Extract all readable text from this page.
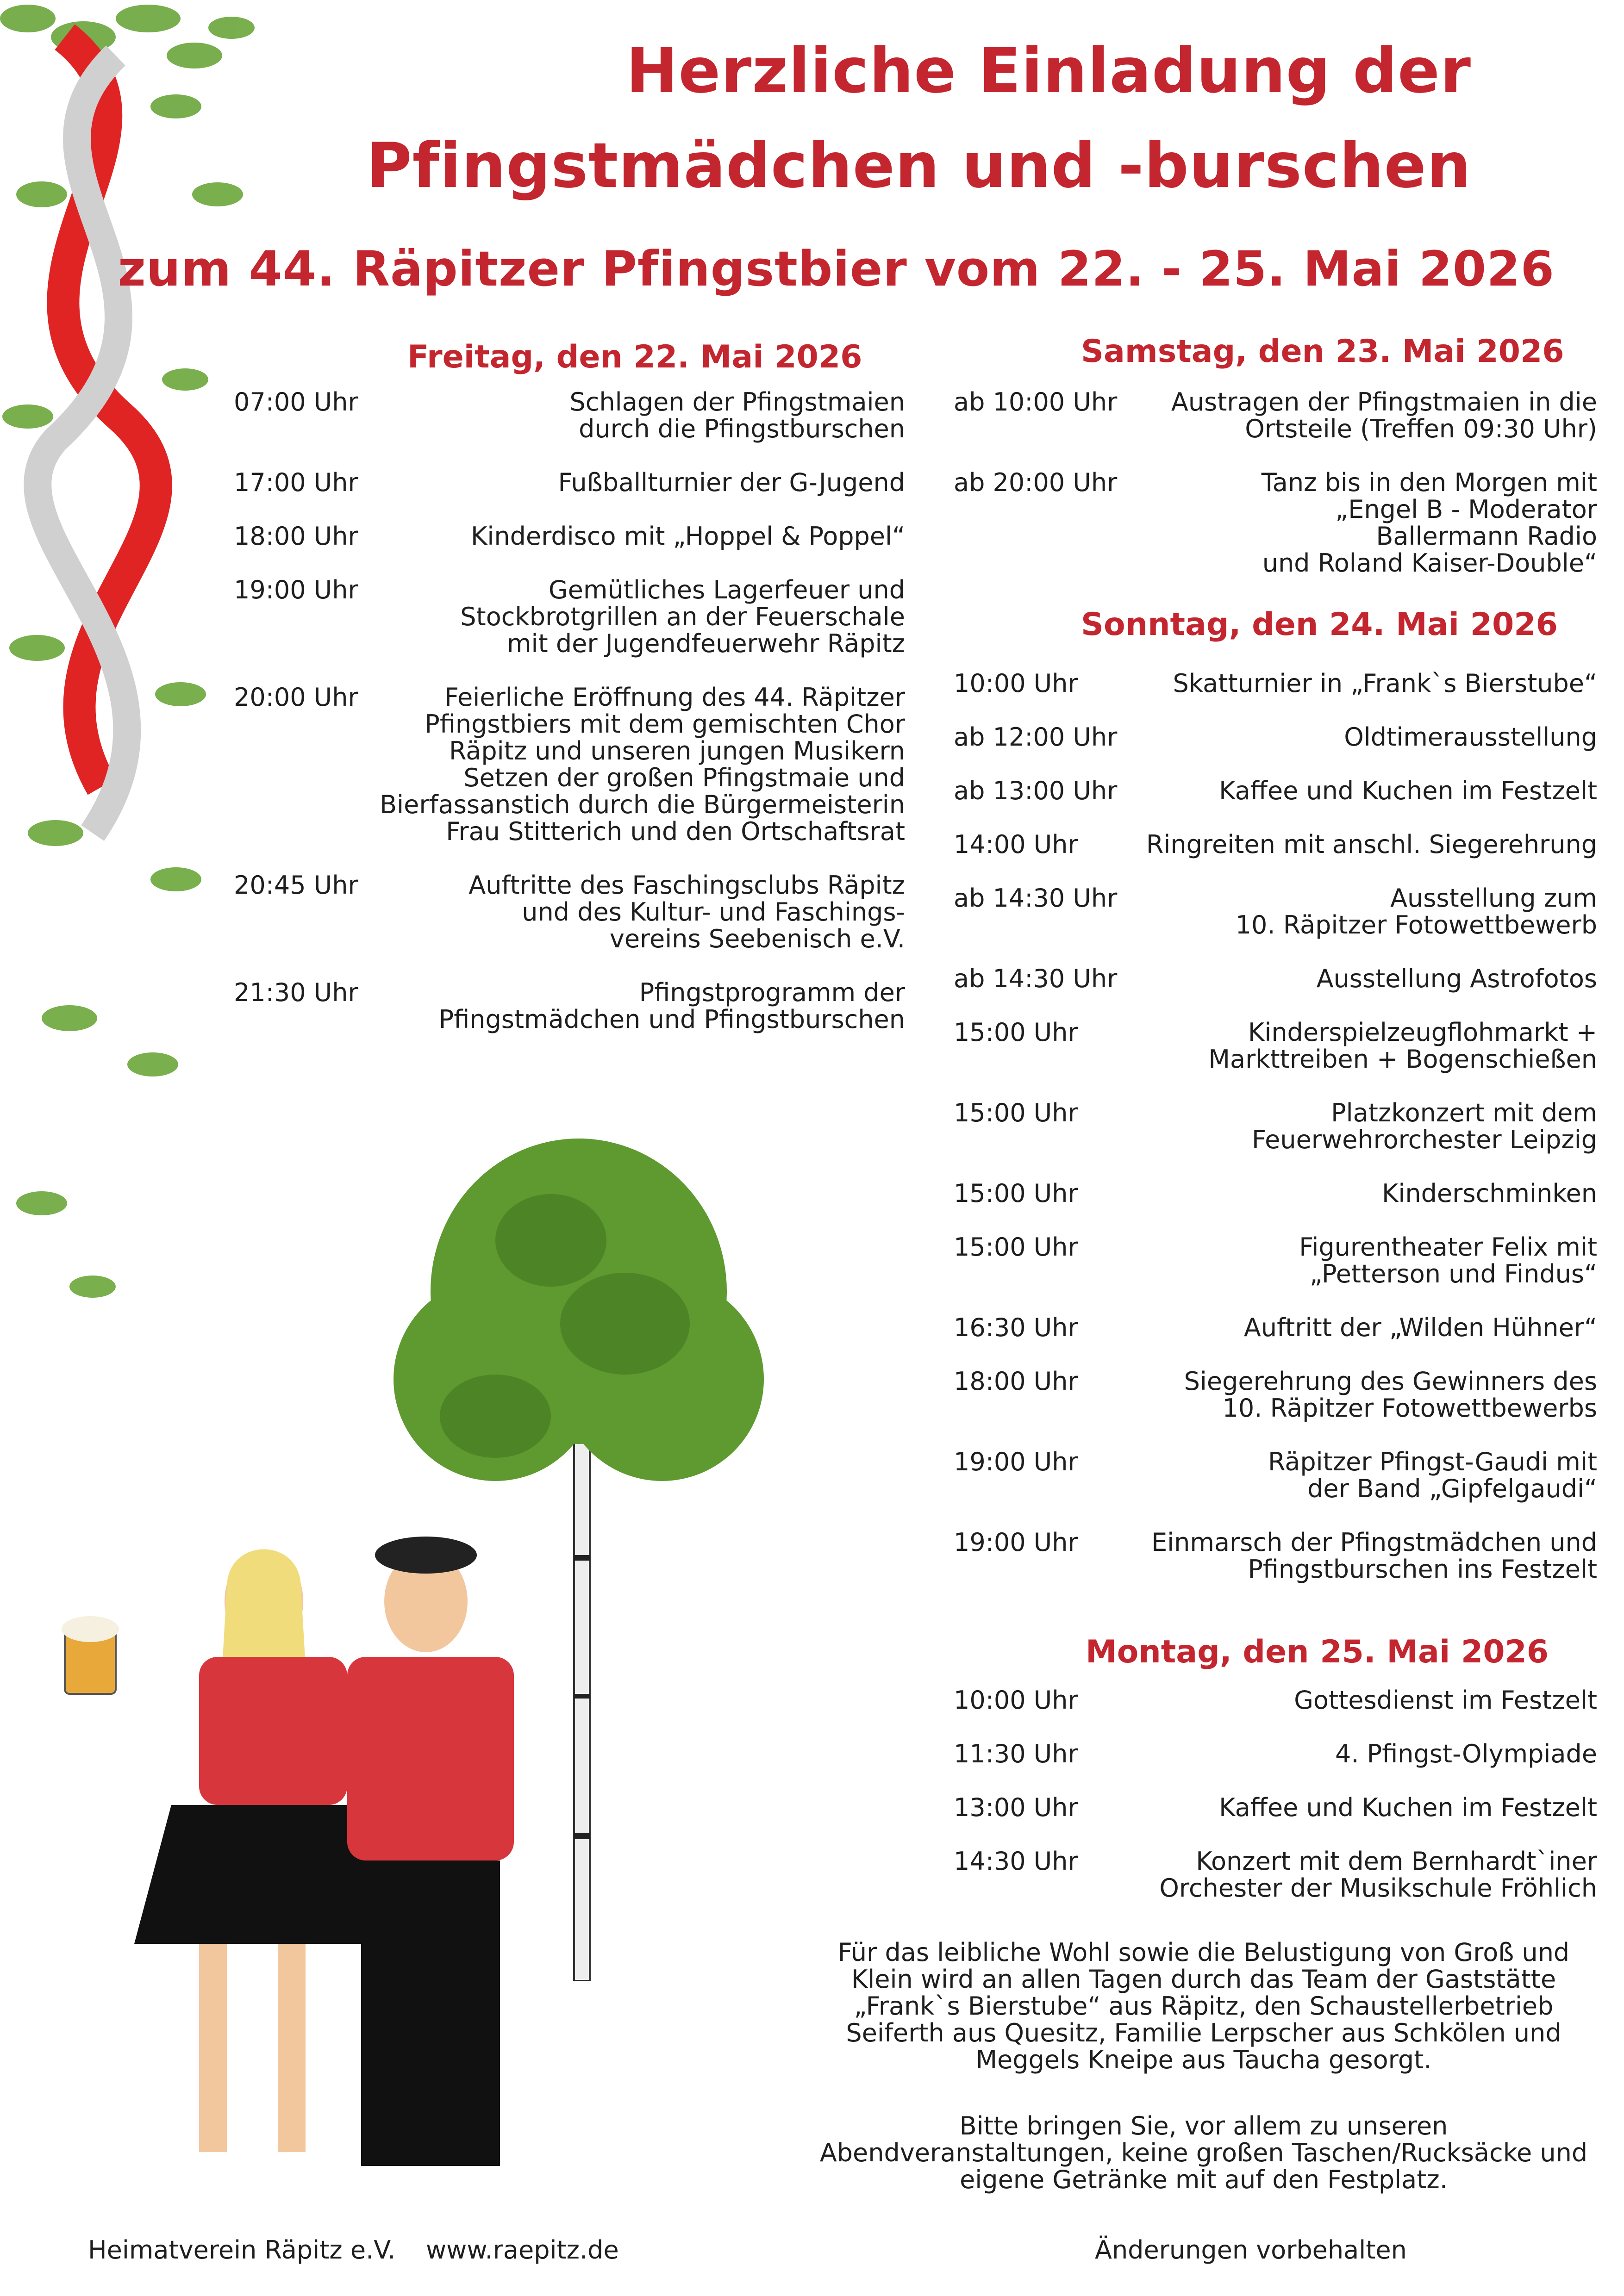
Herzliche Einladung der
Pfingstmädchen und -burschen
zum 44. Räpitzer Pfingstbier vom 22. - 25. Mai 2026
Freitag, den 22. Mai 2026	Samstag, den 23. Mai 2026
Sonntag, den 24. Mai 2026
Montag, den 25. Mai 2026
07:00 Uhr	Schlagen der Pfingstmaien
durch die Pfingstburschen
17:00 Uhr	Fußballturnier der G-Jugend
18:00 Uhr	Kinderdisco mit „Hoppel & Poppel“
19:00 Uhr	Gemütliches Lagerfeuer und
Stockbrotgrillen an der Feuerschale
mit der Jugendfeuerwehr Räpitz
20:00 Uhr	Feierliche Eröffnung des 44. Räpitzer
Pfingstbiers mit dem gemischten Chor
Räpitz und unseren jungen Musikern
Setzen der großen Pfingstmaie und
Bierfassanstich durch die Bürgermeisterin
Frau Stitterich und den Ortschaftsrat
20:45 Uhr	Auftritte des Faschingsclubs Räpitz
und des Kultur- und Faschings-
vereins Seebenisch e.V.
21:30 Uhr	Pfingstprogramm der
Pfingstmädchen und Pfingstburschen
ab 10:00 Uhr Austragen der Pfingstmaien in die
Ortsteile (Treffen 09:30 Uhr)
ab 20:00 Uhr	Tanz bis in den Morgen mit
„Engel B - Moderator
Ballermann Radio
und Roland Kaiser-Double“
10:00 Uhr	Skatturnier in „Frank`s Bierstube“
ab 12:00 Uhr	Oldtimerausstellung
ab 13:00 Uhr	Kaffee und Kuchen im Festzelt
14:00 Uhr	Ringreiten mit anschl. Siegerehrung
ab 14:30 Uhr	Ausstellung zum
10. Räpitzer Fotowettbewerb
ab 14:30 Uhr	Ausstellung Astrofotos
15:00 Uhr	Kinderspielzeugflohmarkt +
Markttreiben + Bogenschießen
15:00 Uhr	Platzkonzert mit dem
Feuerwehrorchester Leipzig
15:00 Uhr	Kinderschminken
15:00 Uhr	Figurentheater Felix mit
„Petterson und Findus“
16:30 Uhr	Auftritt der „Wilden Hühner“
18:00 Uhr	Siegerehrung des Gewinners des
10. Räpitzer Fotowettbewerbs
19:00 Uhr	Räpitzer Pfingst-Gaudi mit
der Band „Gipfelgaudi“
19:00 Uhr	Einmarsch der Pfingstmädchen und
Pfingstburschen ins Festzelt
10:00 Uhr	Gottesdienst im Festzelt
11:30 Uhr	4. Pfingst-Olympiade
13:00 Uhr	Kaffee und Kuchen im Festzelt
14:30 Uhr	Konzert mit dem Bernhardt`iner
Orchester der Musikschule Fröhlich
Für das leibliche Wohl sowie die Belustigung von Groß und
Klein wird an allen Tagen durch das Team der Gaststätte
„Frank`s Bierstube“ aus Räpitz, den Schaustellerbetrieb
Seiferth aus Quesitz, Familie Lerpscher aus Schkölen und
Meggels Kneipe aus Taucha gesorgt.
Bitte bringen Sie, vor allem zu unseren
Abendveranstaltungen, keine großen Taschen/Rucksäcke und
eigene Getränke mit auf den Festplatz.
Heimatverein Räpitz e.V. www.raepitz.de	Änderungen vorbehalten
